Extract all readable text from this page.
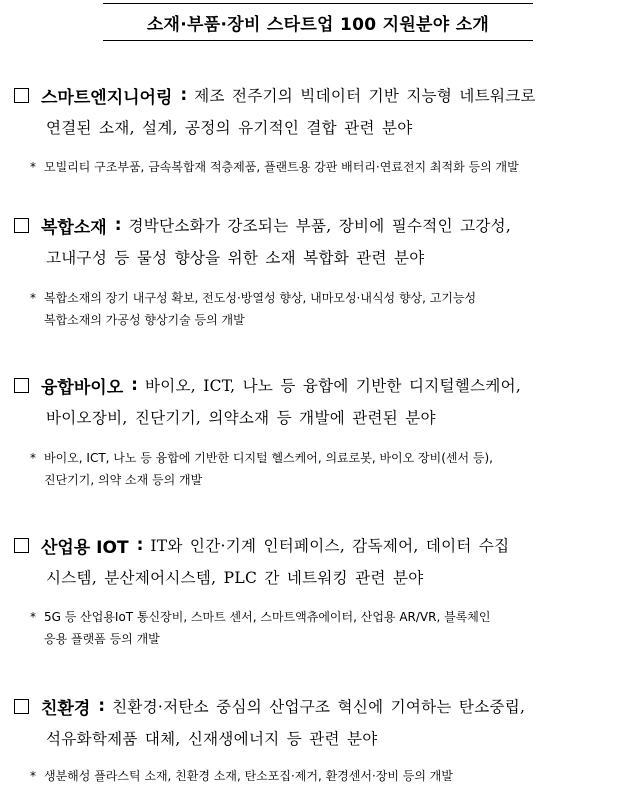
소재·부품·장비 스타트업 100 지원분야 소개
스마트엔지니어링 : 제조 전주기의 빅데이터 기반 지능형 네트워크로
연결된 소재, 설계, 공정의 유기적인 결합 관련 분야
* 모빌리티 구조부품, 금속복합재 적층제품, 플랜트용 강판 배터리·연료전지 최적화 등의 개발
복합소재 : 경박단소화가 강조되는 부품, 장비에 필수적인 고강성,
고내구성 등 물성 향상을 위한 소재 복합화 관련 분야
* 복합소재의 장기 내구성 확보, 전도성·방열성 향상, 내마모성·내식성 향상, 고기능성
복합소재의 가공성 향상기술 등의 개발
융합바이오 : 바이오, ICT, 나노 등 융합에 기반한 디지털헬스케어,
바이오장비, 진단기기, 의약소재 등 개발에 관련된 분야
* 바이오, ICT, 나노 등 융합에 기반한 디지털 헬스케어, 의료로봇, 바이오 장비(센서 등),
진단기기, 의약 소재 등의 개발
산업용 IOT : IT와 인간·기계 인터페이스, 감독제어, 데이터 수집
시스템, 분산제어시스템, PLC 간 네트워킹 관련 분야
* 5G 등 산업용IoT 통신장비, 스마트 센서, 스마트액츄에이터, 산업용 AR/VR, 블록체인
응용 플랫폼 등의 개발
친환경 : 친환경·저탄소 중심의 산업구조 혁신에 기여하는 탄소중립,
석유화학제품 대체, 신재생에너지 등 관련 분야
* 생분해성 플라스틱 소재, 친환경 소재, 탄소포집·제거, 환경센서·장비 등의 개발
